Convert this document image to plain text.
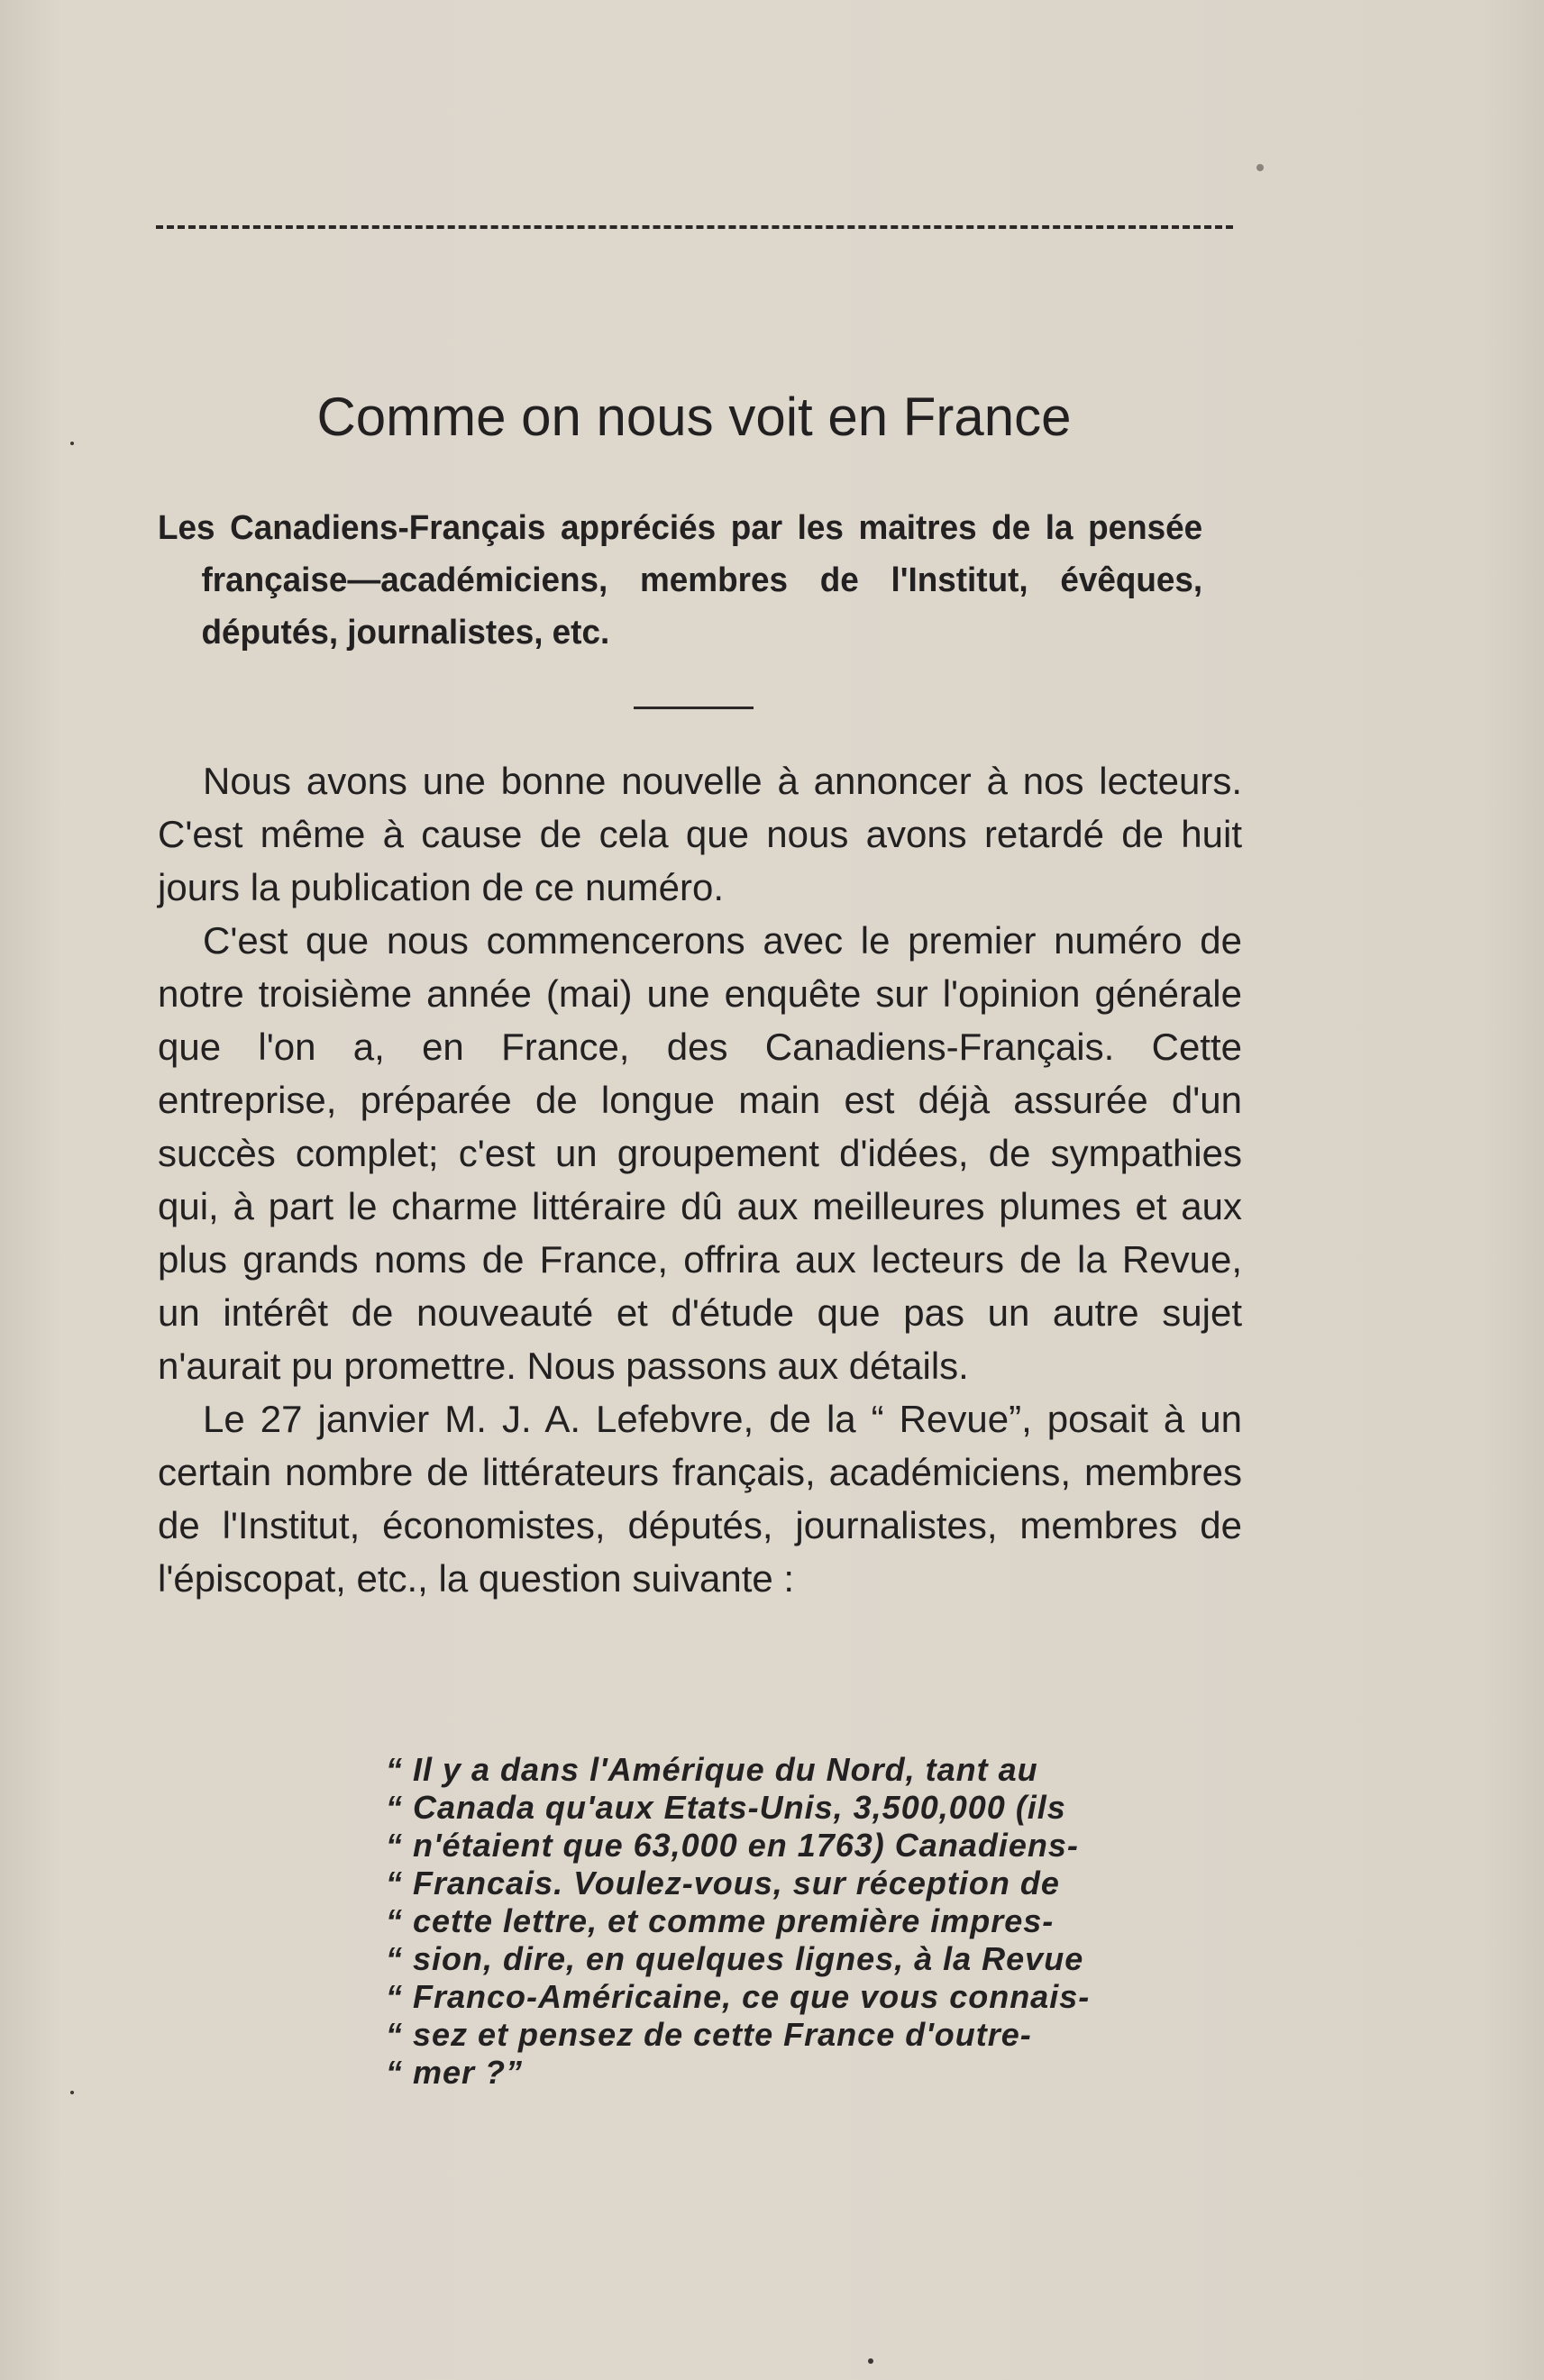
Comme on nous voit en France

Les Canadiens-Français appréciés par les maitres de la pensée française—académiciens, membres de l'Institut, évêques, députés, journalistes, etc.

Nous avons une bonne nouvelle à annoncer à nos lecteurs. C'est même à cause de cela que nous avons retardé de huit jours la publication de ce numéro.

C'est que nous commencerons avec le premier numéro de notre troisième année (mai) une enquête sur l'opinion générale que l'on a, en France, des Canadiens-Français. Cette entreprise, préparée de longue main est déjà assurée d'un succès complet; c'est un groupement d'idées, de sympathies qui, à part le charme littéraire dû aux meilleures plumes et aux plus grands noms de France, offrira aux lecteurs de la Revue, un intérêt de nouveauté et d'étude que pas un autre sujet n'aurait pu promettre. Nous passons aux détails.

Le 27 janvier M. J. A. Lefebvre, de la “ Revue”, posait à un certain nombre de littérateurs français, académiciens, membres de l'Institut, économistes, députés, journalistes, membres de l'épiscopat, etc., la question suivante :

“ Il y a dans l'Amérique du Nord, tant au
“ Canada qu'aux Etats-Unis, 3,500,000 (ils
“ n'étaient que 63,000 en 1763) Canadiens-
“ Francais. Voulez-vous, sur réception de
“ cette lettre, et comme première impres-
“ sion, dire, en quelques lignes, à la Revue
“ Franco-Américaine, ce que vous connais-
“ sez et pensez de cette France d'outre-
“ mer ?”
